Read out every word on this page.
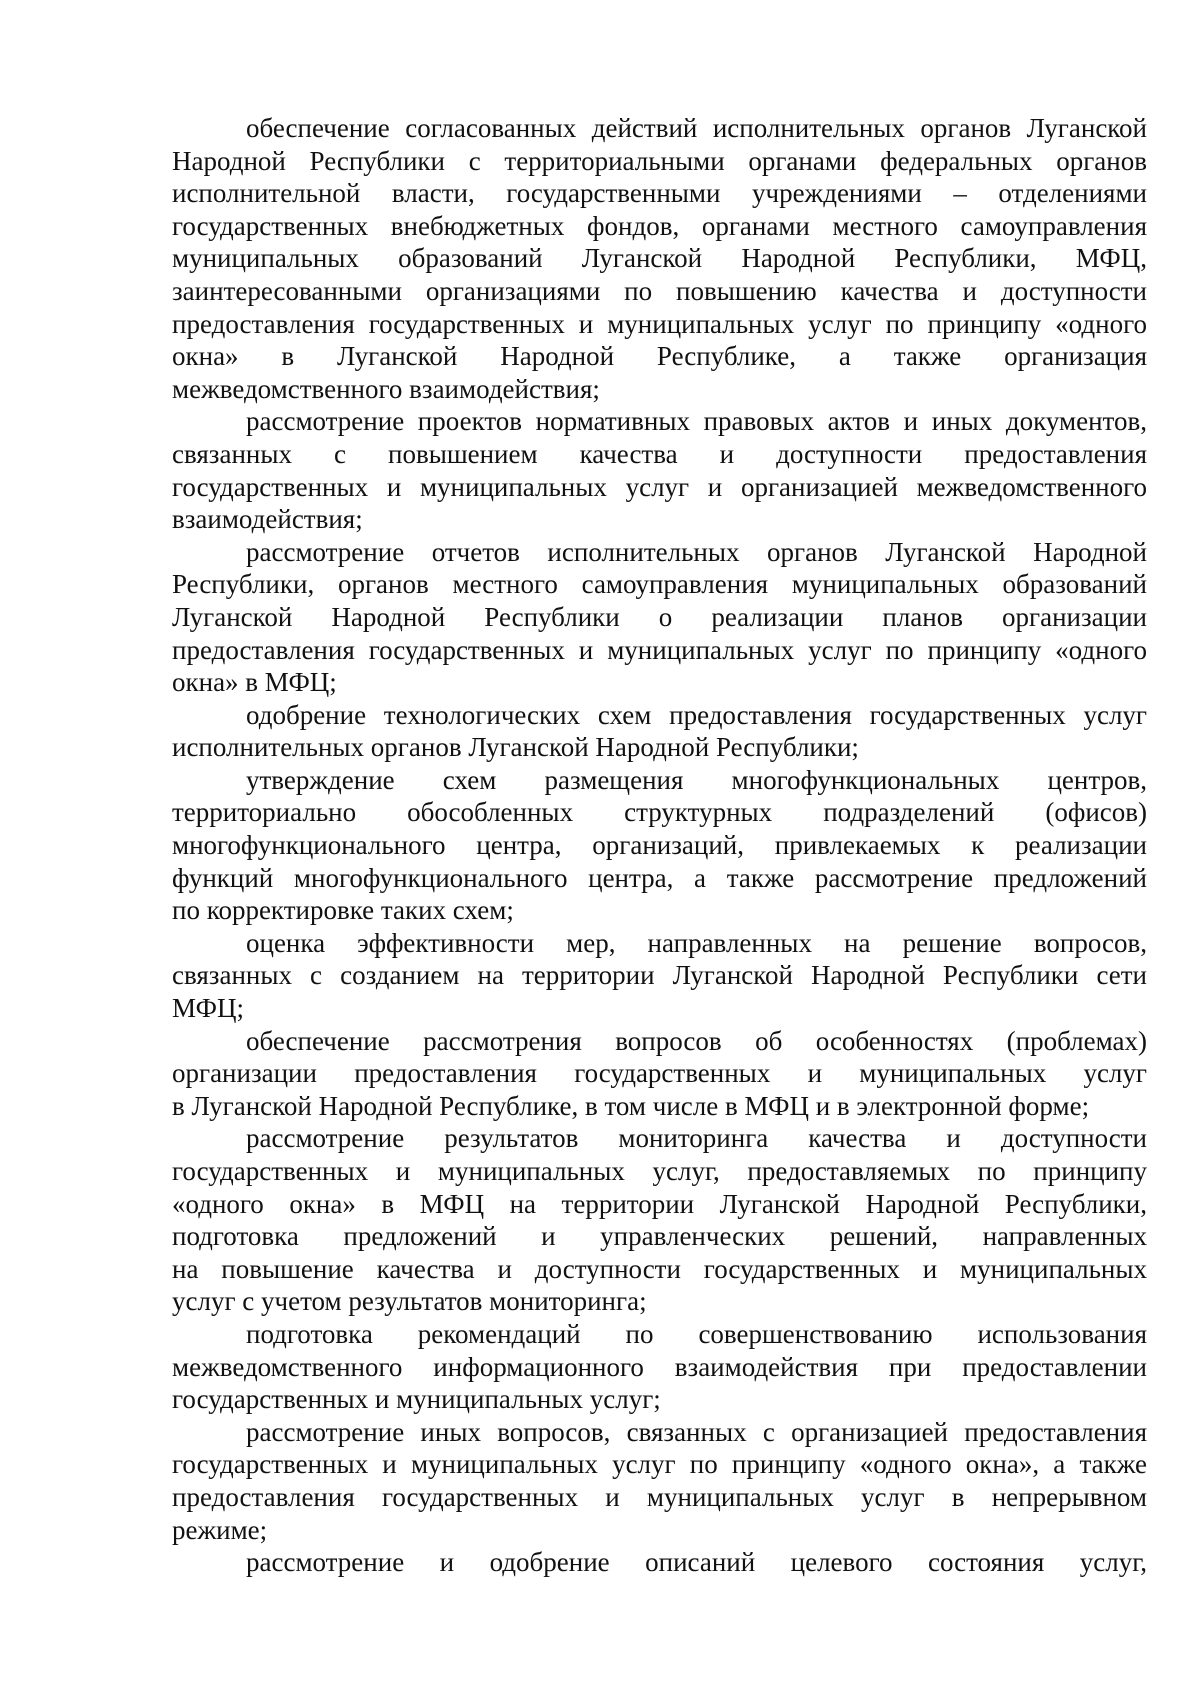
обеспечение согласованных действий исполнительных органов Луганской
Народной Республики с территориальными органами федеральных органов
исполнительной власти, государственными учреждениями – отделениями
государственных внебюджетных фондов, органами местного самоуправления
муниципальных образований Луганской Народной Республики, МФЦ,
заинтересованными организациями по повышению качества и доступности
предоставления государственных и муниципальных услуг по принципу «одного
окна» в Луганской Народной Республике, а также организация
межведомственного взаимодействия;
рассмотрение проектов нормативных правовых актов и иных документов,
связанных с повышением качества и доступности предоставления
государственных и муниципальных услуг и организацией межведомственного
взаимодействия;
рассмотрение отчетов исполнительных органов Луганской Народной
Республики, органов местного самоуправления муниципальных образований
Луганской Народной Республики о реализации планов организации
предоставления государственных и муниципальных услуг по принципу «одного
окна» в МФЦ;
одобрение технологических схем предоставления государственных услуг
исполнительных органов Луганской Народной Республики;
утверждение схем размещения многофункциональных центров,
территориально обособленных структурных подразделений (офисов)
многофункционального центра, организаций, привлекаемых к реализации
функций многофункционального центра, а также рассмотрение предложений
по корректировке таких схем;
оценка эффективности мер, направленных на решение вопросов,
связанных с созданием на территории Луганской Народной Республики сети
МФЦ;
обеспечение рассмотрения вопросов об особенностях (проблемах)
организации предоставления государственных и муниципальных услуг
в Луганской Народной Республике, в том числе в МФЦ и в электронной форме;
рассмотрение результатов мониторинга качества и доступности
государственных и муниципальных услуг, предоставляемых по принципу
«одного окна» в МФЦ на территории Луганской Народной Республики,
подготовка предложений и управленческих решений, направленных
на повышение качества и доступности государственных и муниципальных
услуг с учетом результатов мониторинга;
подготовка рекомендаций по совершенствованию использования
межведомственного информационного взаимодействия при предоставлении
государственных и муниципальных услуг;
рассмотрение иных вопросов, связанных с организацией предоставления
государственных и муниципальных услуг по принципу «одного окна», а также
предоставления государственных и муниципальных услуг в непрерывном
режиме;
рассмотрение и одобрение описаний целевого состояния услуг,
